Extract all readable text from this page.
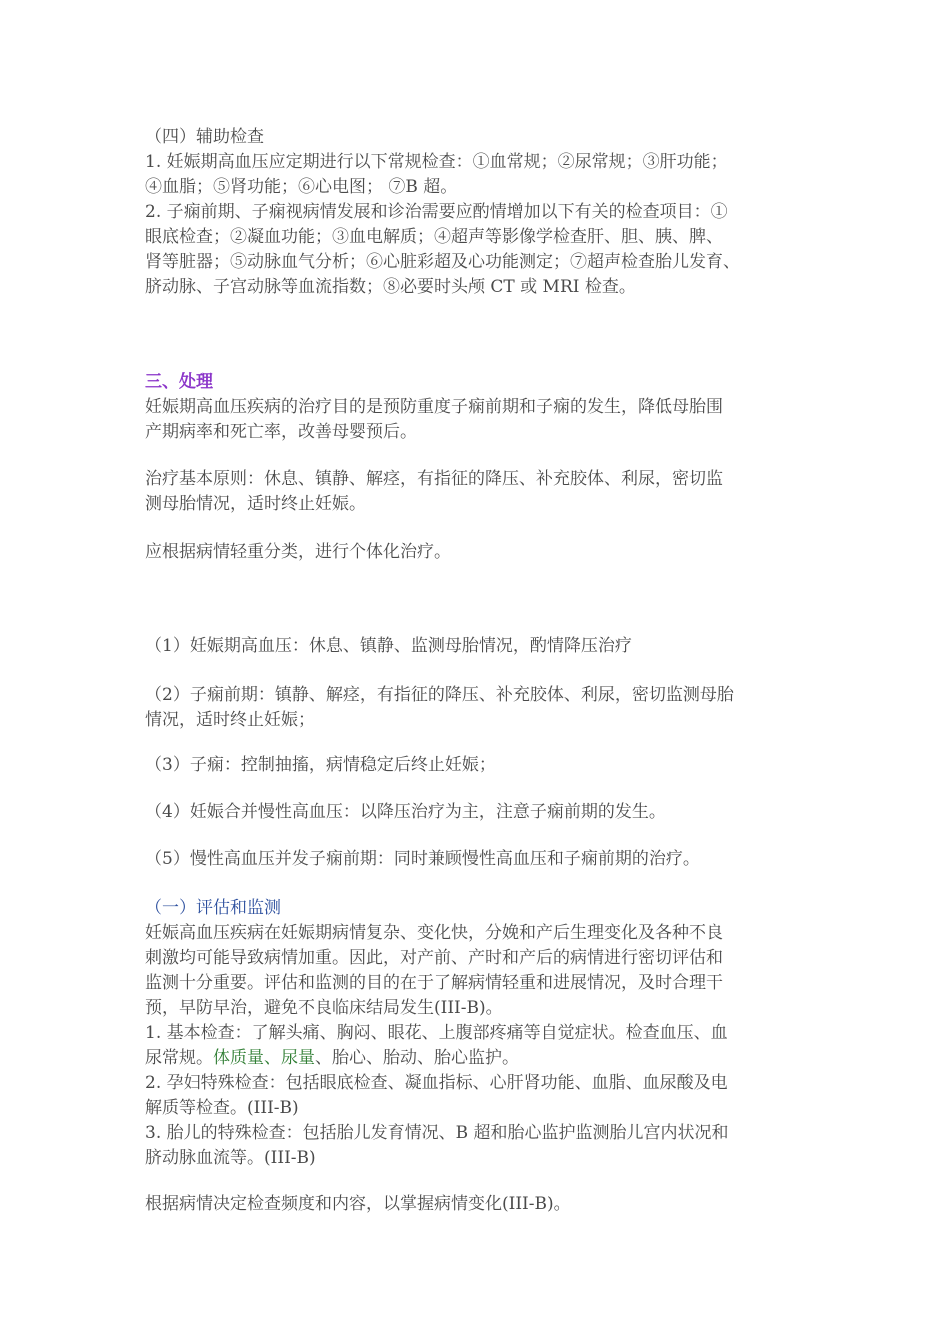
（四）辅助检查

1. 妊娠期高血压应定期进行以下常规检查：①血常规；②尿常规；③肝功能；

④血脂；⑤肾功能；⑥心电图； ⑦B 超。

2. 子痫前期、子痫视病情发展和诊治需要应酌情增加以下有关的检查项目：①

眼底检查；②凝血功能；③血电解质；④超声等影像学检查肝、胆、胰、脾、

肾等脏器；⑤动脉血气分析；⑥心脏彩超及心功能测定；⑦超声检查胎儿发育、

脐动脉、子宫动脉等血流指数；⑧必要时头颅 CT 或 MRI 检查。

三、处理

妊娠期高血压疾病的治疗目的是预防重度子痫前期和子痫的发生，降低母胎围

产期病率和死亡率，改善母婴预后。

治疗基本原则：休息、镇静、解痉，有指征的降压、补充胶体、利尿，密切监

测母胎情况，适时终止妊娠。

应根据病情轻重分类，进行个体化治疗。

（1）妊娠期高血压：休息、镇静、监测母胎情况，酌情降压治疗

（2）子痫前期：镇静、解痉，有指征的降压、补充胶体、利尿，密切监测母胎

情况，适时终止妊娠；

（3）子痫：控制抽搐，病情稳定后终止妊娠；

（4）妊娠合并慢性高血压：以降压治疗为主，注意子痫前期的发生。

（5）慢性高血压并发子痫前期：同时兼顾慢性高血压和子痫前期的治疗。

（一）评估和监测

妊娠高血压疾病在妊娠期病情复杂、变化快，分娩和产后生理变化及各种不良

刺激均可能导致病情加重。因此，对产前、产时和产后的病情进行密切评估和

监测十分重要。评估和监测的目的在于了解病情轻重和进展情况，及时合理干

预，早防早治，避免不良临床结局发生(III-B)。

1. 基本检查：了解头痛、胸闷、眼花、上腹部疼痛等自觉症状。检查血压、血

尿常规。体质量、尿量、胎心、胎动、胎心监护。

2. 孕妇特殊检查：包括眼底检查、凝血指标、心肝肾功能、血脂、血尿酸及电

解质等检查。(III-B)

3. 胎儿的特殊检查：包括胎儿发育情况、B 超和胎心监护监测胎儿宫内状况和

脐动脉血流等。(III-B)

根据病情决定检查频度和内容，以掌握病情变化(III-B)。
